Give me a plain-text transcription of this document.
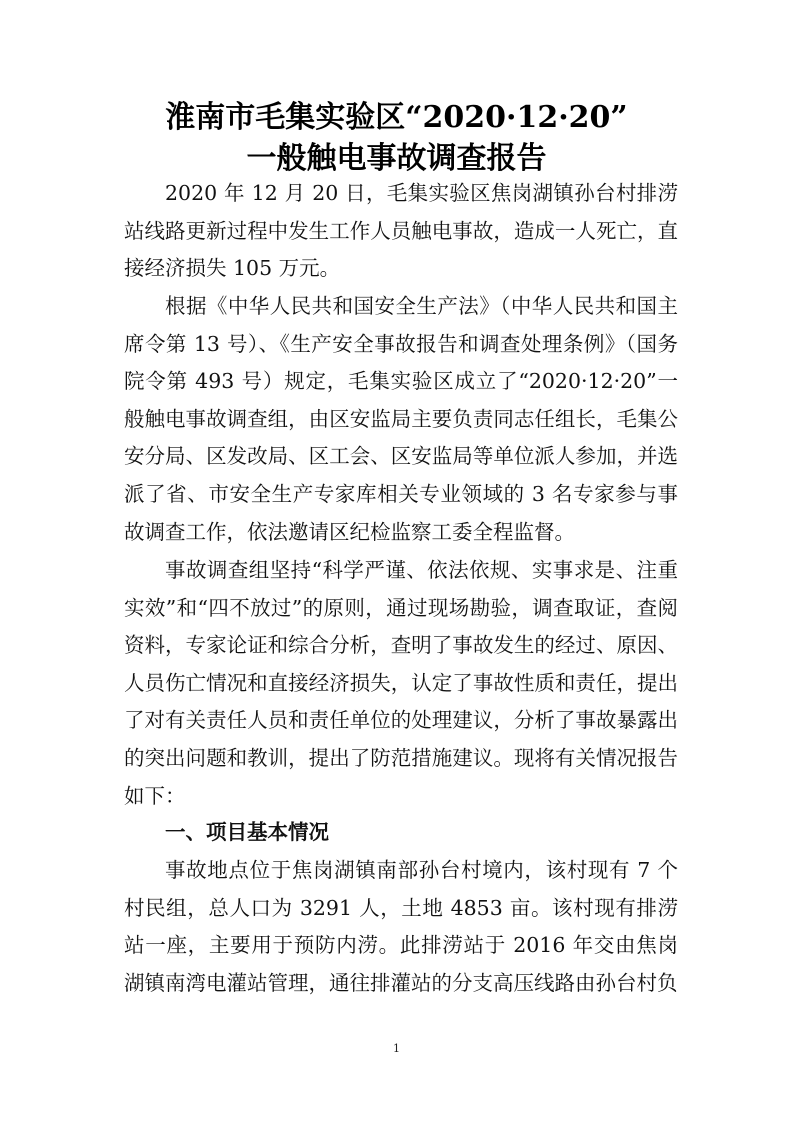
淮南市毛集实验区“2020·12·20”
一般触电事故调查报告

2020 年 12 月 20 日，毛集实验区焦岗湖镇孙台村排涝站线路更新过程中发生工作人员触电事故，造成一人死亡，直接经济损失 105 万元。

根据《中华人民共和国安全生产法》（中华人民共和国主席令第 13 号）、《生产安全事故报告和调查处理条例》（国务院令第 493 号）规定，毛集实验区成立了“2020·12·20”一般触电事故调查组，由区安监局主要负责同志任组长，毛集公安分局、区发改局、区工会、区安监局等单位派人参加，并选派了省、市安全生产专家库相关专业领域的 3 名专家参与事故调查工作，依法邀请区纪检监察工委全程监督。

事故调查组坚持“科学严谨、依法依规、实事求是、注重实效”和“四不放过”的原则，通过现场勘验，调查取证，查阅资料，专家论证和综合分析，查明了事故发生的经过、原因、人员伤亡情况和直接经济损失，认定了事故性质和责任，提出了对有关责任人员和责任单位的处理建议，分析了事故暴露出的突出问题和教训，提出了防范措施建议。现将有关情况报告如下：

一、项目基本情况

事故地点位于焦岗湖镇南部孙台村境内，该村现有 7 个村民组，总人口为 3291 人，土地 4853 亩。该村现有排涝站一座，主要用于预防内涝。此排涝站于 2016 年交由焦岗湖镇南湾电灌站管理，通往排灌站的分支高压线路由孙台村负

1
